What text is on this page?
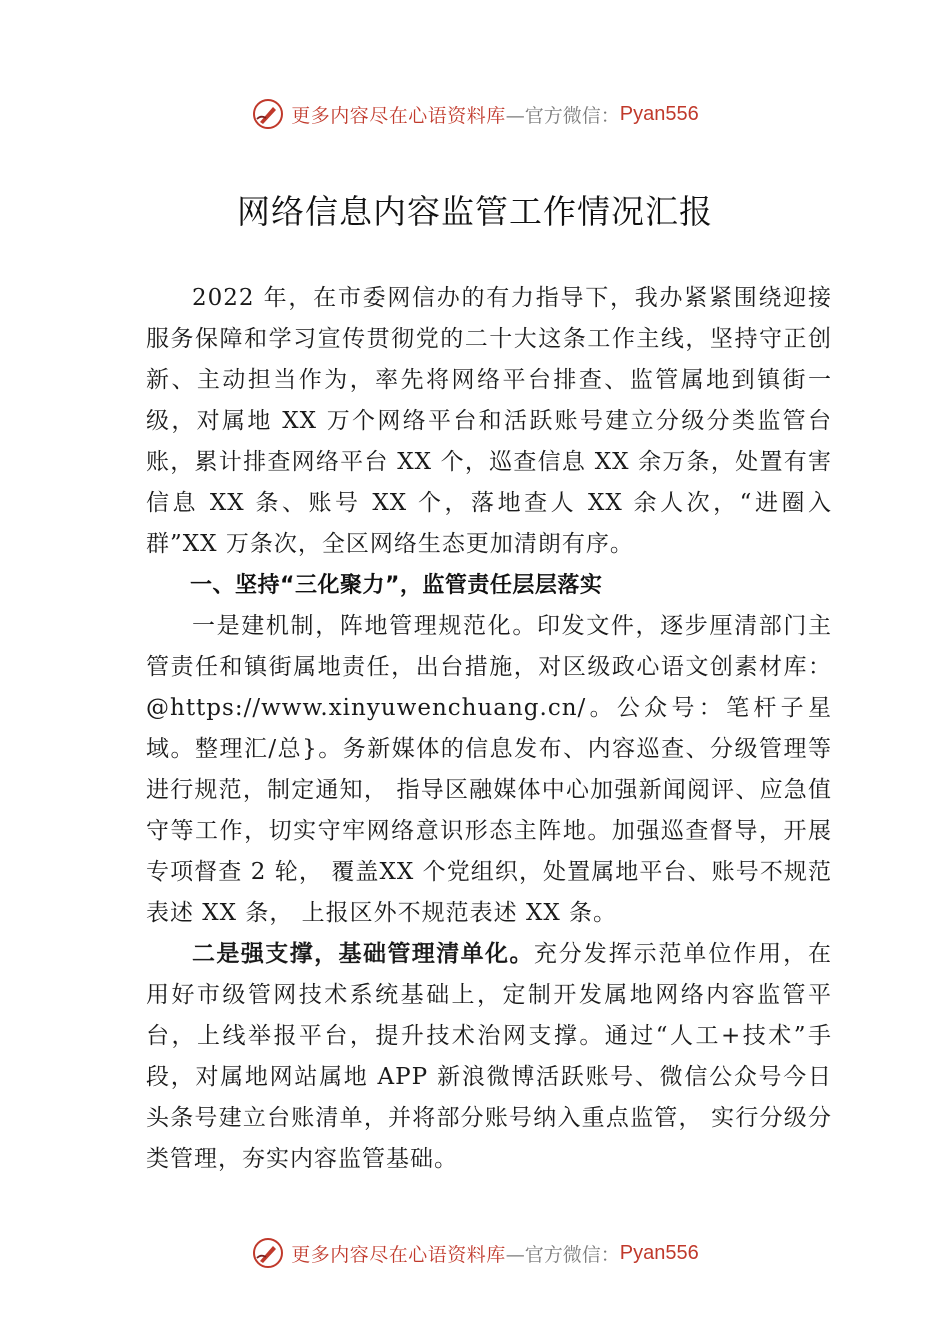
更多内容尽在心语资料库 —官方微信： Pyan556
网络信息内容监管工作情况汇报

2022 年，在市委网信办的有力指导下，我办紧紧围绕迎接服务保障和学习宣传贯彻党的二十大这条工作主线，坚持守正创新、主动担当作为，率先将网络平台排查、监管属地到镇街一级，对属地 XX 万个网络平台和活跃账号建立分级分类监管台账，累计排查网络平台 XX 个，巡查信息 XX 余万条，处置有害信息 XX 条、账号 XX 个，落地查人 XX 余人次，“进圈入群”XX 万条次，全区网络生态更加清朗有序。

一、坚持“三化聚力”，监管责任层层落实

一是建机制，阵地管理规范化。印发文件，逐步厘清部门主管责任和镇街属地责任，出台措施，对区级政心语文创素材库：@https://www.xinyuwenchuang.cn/。公众号：笔杆子星域。整理汇/总}。务新媒体的信息发布、内容巡查、分级管理等进行规范，制定通知， 指导区融媒体中心加强新闻阅评、应急值守等工作，切实守牢网络意识形态主阵地。加强巡查督导，开展专项督查 2 轮， 覆盖XX 个党组织，处置属地平台、账号不规范表述 XX 条， 上报区外不规范表述 XX 条。

二是强支撑，基础管理清单化。充分发挥示范单位作用，在用好市级管网技术系统基础上，定制开发属地网络内容监管平台，上线举报平台，提升技术治网支撑。通过“人工+技术”手段，对属地网站属地 APP 新浪微博活跃账号、微信公众号今日头条号建立台账清单，并将部分账号纳入重点监管， 实行分级分类管理，夯实内容监管基础。

更多内容尽在心语资料库 —官方微信： Pyan556
